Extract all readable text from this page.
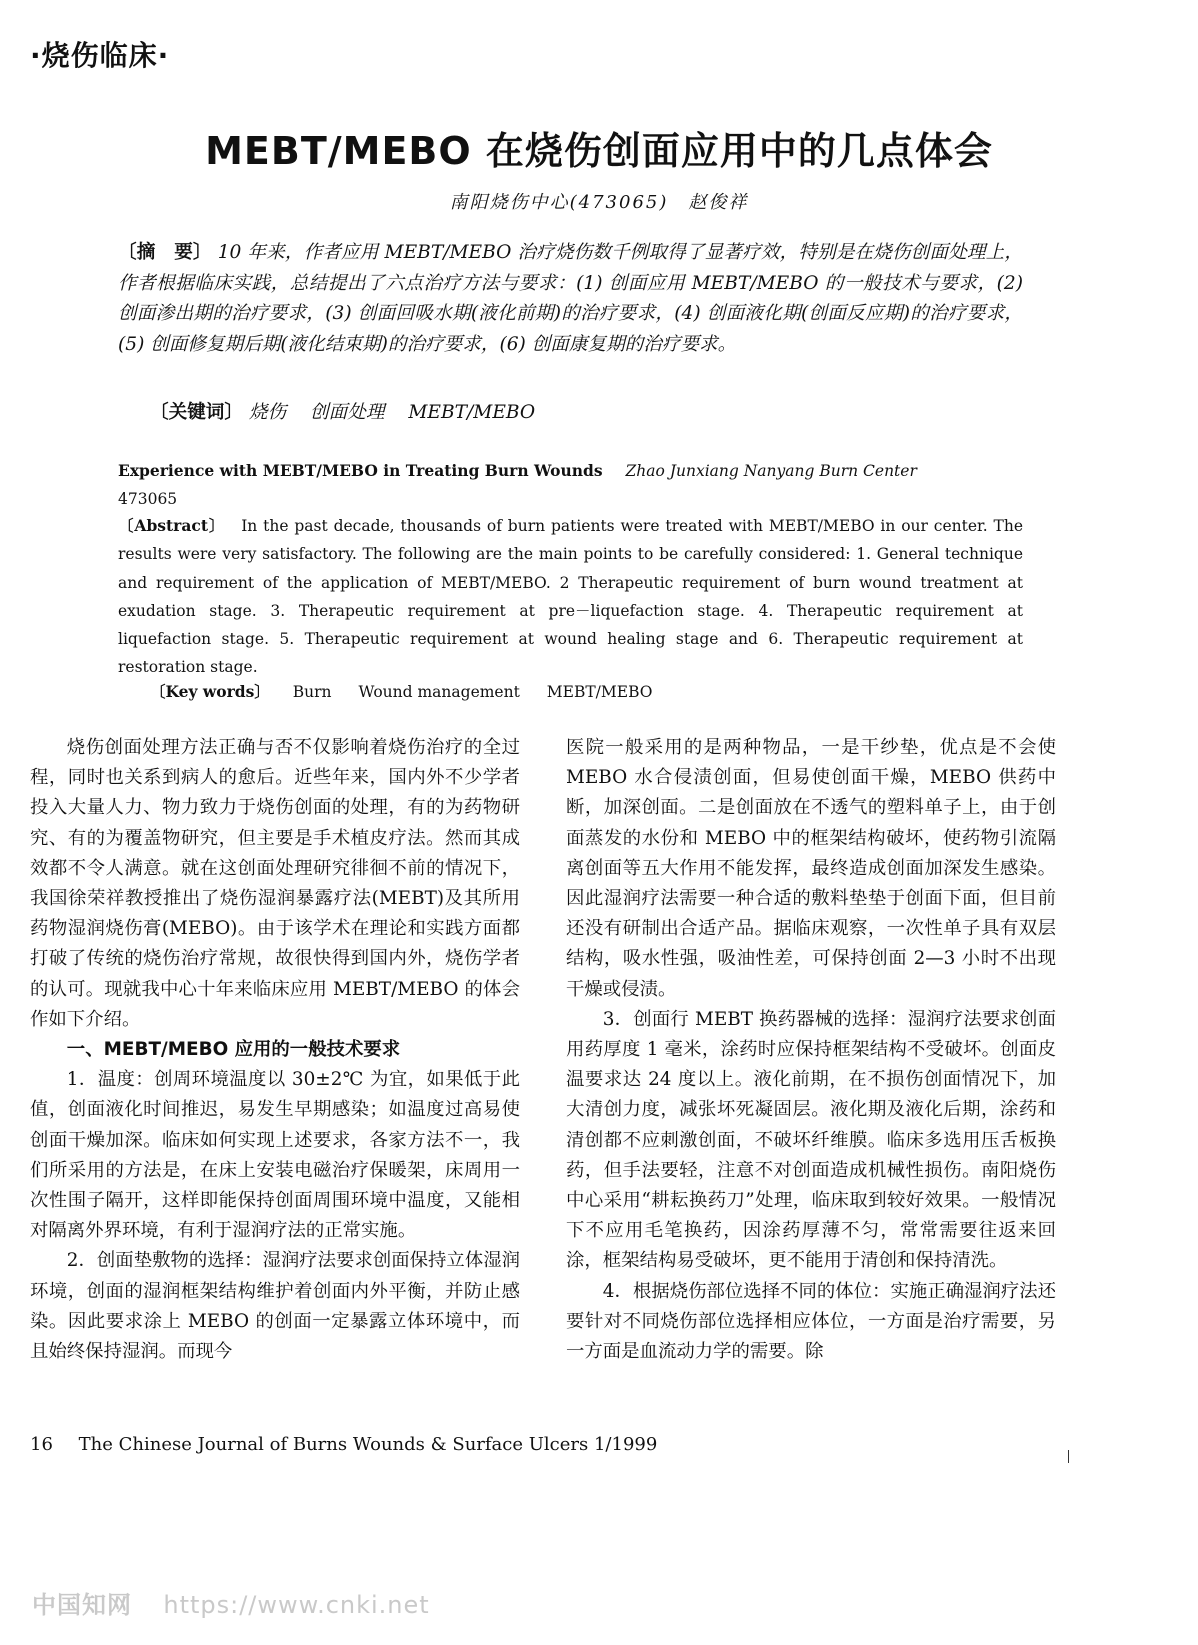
·烧伤临床·
MEBT/MEBO 在烧伤创面应用中的几点体会
南阳烧伤中心(473065)　赵俊祥
〔摘　要〕 10 年来，作者应用 MEBT/MEBO 治疗烧伤数千例取得了显著疗效，特别是在烧伤创面处理上，作者根据临床实践，总结提出了六点治疗方法与要求：(1) 创面应用 MEBT/MEBO 的一般技术与要求，(2) 创面渗出期的治疗要求，(3) 创面回吸水期(液化前期)的治疗要求，(4) 创面液化期(创面反应期)的治疗要求，(5) 创面修复期后期(液化结束期)的治疗要求，(6) 创面康复期的治疗要求。
〔关键词〕 烧伤 创面处理 MEBT/MEBO
Experience with MEBT/MEBO in Treating Burn Wounds Zhao Junxiang Nanyang Burn Center
473065
〔Abstract〕 In the past decade, thousands of burn patients were treated with MEBT/MEBO in our center. The results were very satisfactory. The following are the main points to be carefully considered: 1. General technique and requirement of the application of MEBT/MEBO. 2 Therapeutic requirement of burn wound treatment at exudation stage. 3. Therapeutic requirement at pre－liquefaction stage. 4. Therapeutic requirement at liquefaction stage. 5. Therapeutic requirement at wound healing stage and 6. Therapeutic requirement at restoration stage.
〔Key words〕 Burn Wound management MEBT/MEBO

烧伤创面处理方法正确与否不仅影响着烧伤治疗的全过程，同时也关系到病人的愈后。近些年来，国内外不少学者投入大量人力、物力致力于烧伤创面的处理，有的为药物研究、有的为覆盖物研究，但主要是手术植皮疗法。然而其成效都不令人满意。就在这创面处理研究徘徊不前的情况下，我国徐荣祥教授推出了烧伤湿润暴露疗法(MEBT)及其所用药物湿润烧伤膏(MEBO)。由于该学术在理论和实践方面都打破了传统的烧伤治疗常规，故很快得到国内外，烧伤学者的认可。现就我中心十年来临床应用 MEBT/MEBO 的体会作如下介绍。

一、MEBT/MEBO 应用的一般技术要求

1．温度：创周环境温度以 30±2℃ 为宜，如果低于此值，创面液化时间推迟，易发生早期感染；如温度过高易使创面干燥加深。临床如何实现上述要求，各家方法不一，我们所采用的方法是，在床上安装电磁治疗保暖架，床周用一次性围子隔开，这样即能保持创面周围环境中温度，又能相对隔离外界环境，有利于湿润疗法的正常实施。

2．创面垫敷物的选择：湿润疗法要求创面保持立体湿润环境，创面的湿润框架结构维护着创面内外平衡，并防止感染。因此要求涂上 MEBO 的创面一定暴露立体环境中，而且始终保持湿润。而现今

医院一般采用的是两种物品，一是干纱垫，优点是不会使 MEBO 水合侵渍创面，但易使创面干燥，MEBO 供药中断，加深创面。二是创面放在不透气的塑料单子上，由于创面蒸发的水份和 MEBO 中的框架结构破坏，使药物引流隔离创面等五大作用不能发挥，最终造成创面加深发生感染。因此湿润疗法需要一种合适的敷料垫垫于创面下面，但目前还没有研制出合适产品。据临床观察，一次性单子具有双层结构，吸水性强，吸油性差，可保持创面 2—3 小时不出现干燥或侵渍。

3．创面行 MEBT 换药器械的选择：湿润疗法要求创面用药厚度 1 毫米，涂药时应保持框架结构不受破坏。创面皮温要求达 24 度以上。液化前期，在不损伤创面情况下，加大清创力度，减张坏死凝固层。液化期及液化后期，涂药和清创都不应刺激创面，不破坏纤维膜。临床多选用压舌板换药，但手法要轻，注意不对创面造成机械性损伤。南阳烧伤中心采用“耕耘换药刀”处理，临床取到较好效果。一般情况下不应用毛笔换药，因涂药厚薄不匀，常常需要往返来回涂，框架结构易受破坏，更不能用于清创和保持清洗。

4．根据烧伤部位选择不同的体位：实施正确湿润疗法还要针对不同烧伤部位选择相应体位，一方面是治疗需要，另一方面是血流动力学的需要。除

16 The Chinese Journal of Burns Wounds & Surface Ulcers 1/1999
中国知网 https://www.cnki.net
